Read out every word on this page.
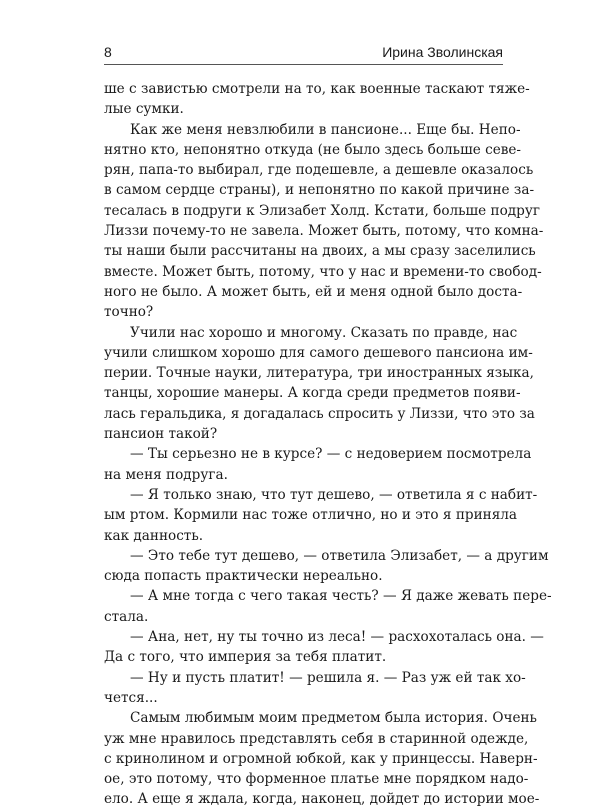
8	Ирина Зволинская
ше с завистью смотрели на то, как военные таскают тяже-
лые сумки.
Как же меня невзлюбили в пансионе... Еще бы. Непо-
нятно кто, непонятно откуда (не было здесь больше севе-
рян, папа-то выбирал, где подешевле, а дешевле оказалось
в самом сердце страны), и непонятно по какой причине за-
тесалась в подруги к Элизабет Холд. Кстати, больше подруг
Лиззи почему-то не завела. Может быть, потому, что комна-
ты наши были рассчитаны на двоих, а мы сразу заселились
вместе. Может быть, потому, что у нас и времени-то свобод-
ного не было. А может быть, ей и меня одной было доста-
точно?
Учили нас хорошо и многому. Сказать по правде, нас
учили слишком хорошо для самого дешевого пансиона им-
перии. Точные науки, литература, три иностранных языка,
танцы, хорошие манеры. А когда среди предметов появи-
лась геральдика, я догадалась спросить у Лиззи, что это за
пансион такой?
— Ты серьезно не в курсе? — с недоверием посмотрела
на меня подруга.
— Я только знаю, что тут дешево, — ответила я с набит-
ым ртом. Кормили нас тоже отлично, но и это я приняла
как данность.
— Это тебе тут дешево, — ответила Элизабет, — а другим
сюда попасть практически нереально.
— А мне тогда с чего такая честь? — Я даже жевать пере-
стала.
— Ана, нет, ну ты точно из леса! — расхохоталась она. —
Да с того, что империя за тебя платит.
— Ну и пусть платит! — решила я. — Раз уж ей так хо-
чется...
Самым любимым моим предметом была история. Очень
уж мне нравилось представлять себя в старинной одежде,
с кринолином и огромной юбкой, как у принцессы. Наверн-
ое, это потому, что форменное платье мне порядком надо-
ело. А еще я ждала, когда, наконец, дойдет до истории мое-
